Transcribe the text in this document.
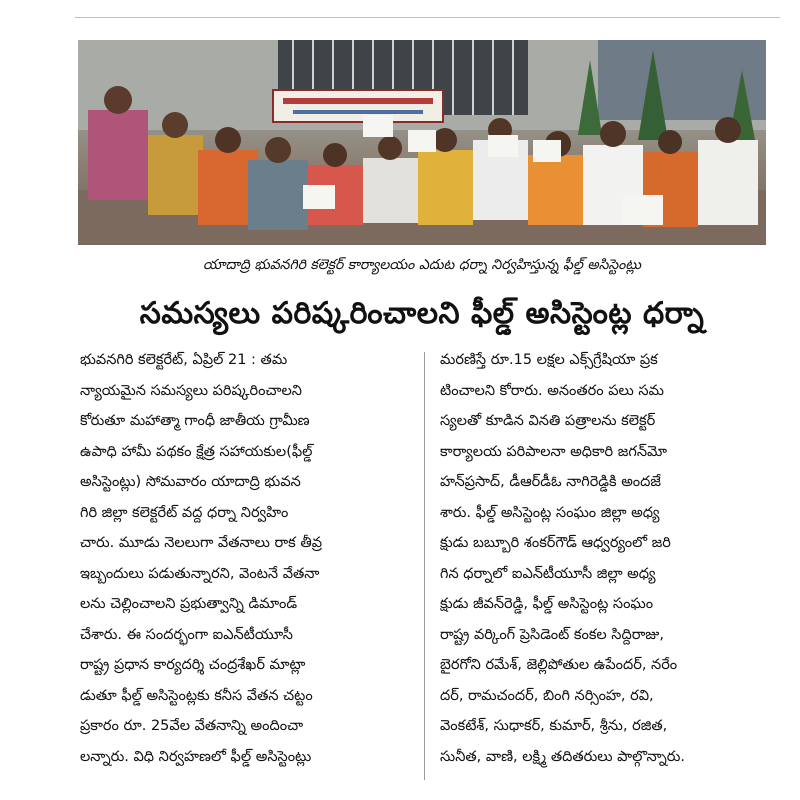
యాదాద్రి భువనగిరి కలెక్టర్ కార్యాలయం ఎదుట ధర్నా నిర్వహిస్తున్న ఫీల్డ్ అసిస్టెంట్లు
సమస్యలు పరిష్కరించాలని ఫీల్డ్ అసిస్టెంట్ల ధర్నా
భువనగిరి కలెక్టరేట్, ఏప్రిల్ 21 : తమ
న్యాయమైన సమస్యలు పరిష్కరించాలని
కోరుతూ మహాత్మా గాంధీ జాతీయ గ్రామీణ
ఉపాధి హామీ పథకం క్షేత్ర సహాయకుల(ఫీల్డ్
అసిస్టెంట్లు) సోమవారం యాదాద్రి భువన
గిరి జిల్లా కలెక్టరేట్ వద్ద ధర్నా నిర్వహిం
చారు. మూడు నెలలుగా వేతనాలు రాక తీవ్ర
ఇబ్బందులు పడుతున్నారని, వెంటనే వేతనా
లను చెల్లించాలని ప్రభుత్వాన్ని డిమాండ్
చేశారు. ఈ సందర్భంగా ఐఎన్‌టీయూసీ
రాష్ట్ర ప్రధాన కార్యదర్శి చంద్రశేఖర్ మాట్లా
డుతూ ఫీల్డ్ అసిస్టెంట్లకు కనీస వేతన చట్టం
ప్రకారం రూ. 25వేల వేతనాన్ని అందించా
లన్నారు. విధి నిర్వహణలో ఫీల్డ్ అసిస్టెంట్లు
మరణిస్తే రూ.15 లక్షల ఎక్స్‌గ్రేషియా ప్రక
టించాలని కోరారు. అనంతరం పలు సమ
స్యలతో కూడిన వినతి పత్రాలను కలెక్టర్
కార్యాలయ పరిపాలనా అధికారి జగన్‌మో
హన్‌ప్రసాద్, డీఆర్‌డీఓ నాగిరెడ్డికి అందజే
శారు. ఫీల్డ్ అసిస్టెంట్ల సంఘం జిల్లా అధ్య
క్షుడు బబ్బూరి శంకర్‌గౌడ్ ఆధ్వర్యంలో జరి
గిన ధర్నాలో ఐఎన్‌టీయూసీ జిల్లా అధ్య
క్షుడు జీవన్‌రెడ్డి, ఫీల్డ్ అసిస్టెంట్ల సంఘం
రాష్ట్ర వర్కింగ్ ప్రెసిడెంట్ కంకల సిద్దిరాజు,
బైరగోని రమేశ్, జెల్లిపోతుల ఉపేందర్, నరేం
దర్, రామచందర్, బింగి నర్సింహ, రవి,
వెంకటేశ్, సుధాకర్, కుమార్, శ్రీను, రజిత,
సునీత, వాణి, లక్ష్మి తదితరులు పాల్గొన్నారు.
